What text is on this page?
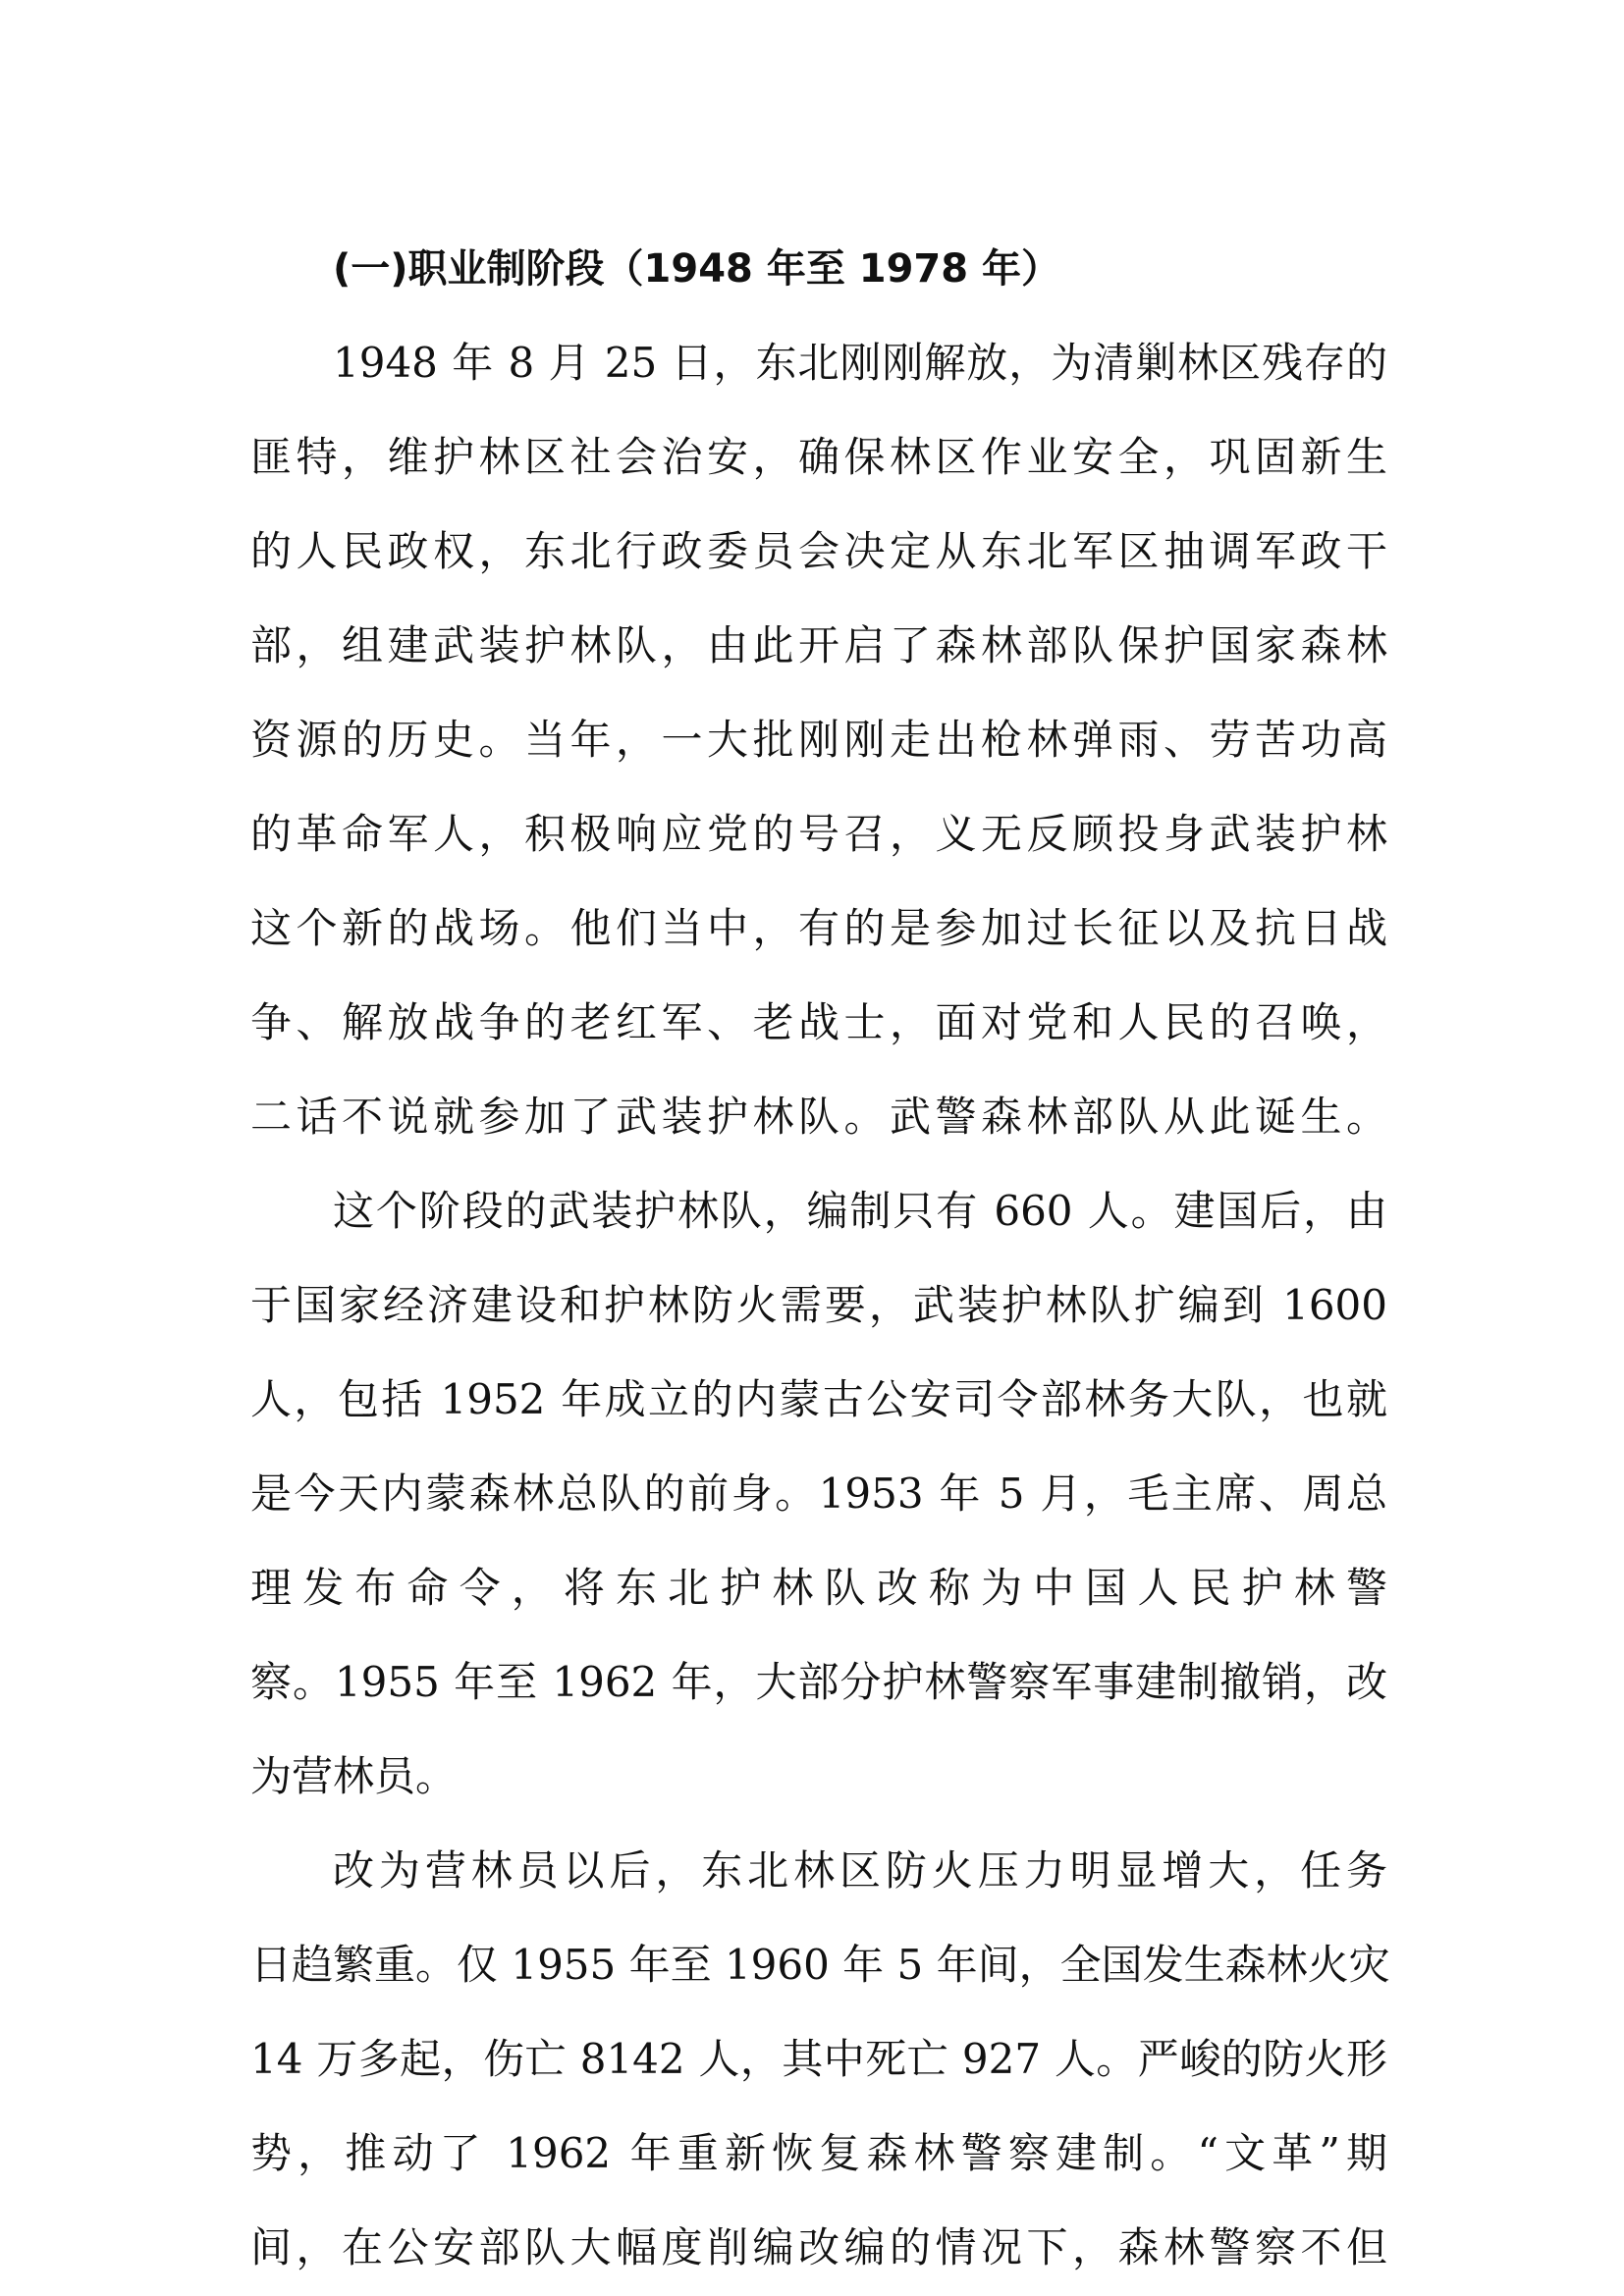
(一)职业制阶段（1948 年至 1978 年）
1948 年 8 月 25 日，东北刚刚解放，为清剿林区残存的
匪特，维护林区社会治安，确保林区作业安全，巩固新生
的人民政权，东北行政委员会决定从东北军区抽调军政干
部，组建武装护林队，由此开启了森林部队保护国家森林
资源的历史。当年，一大批刚刚走出枪林弹雨、劳苦功高
的革命军人，积极响应党的号召，义无反顾投身武装护林
这个新的战场。他们当中，有的是参加过长征以及抗日战
争、解放战争的老红军、老战士，面对党和人民的召唤，
二话不说就参加了武装护林队。武警森林部队从此诞生。
这个阶段的武装护林队，编制只有 660 人。建国后，由
于国家经济建设和护林防火需要，武装护林队扩编到 1600
人，包括 1952 年成立的内蒙古公安司令部林务大队，也就
是今天内蒙森林总队的前身。1953 年 5 月，毛主席、周总
理发布命令，将东北护林队改称为中国人民护林警
察。1955 年至 1962 年，大部分护林警察军事建制撤销，改
为营林员。
改为营林员以后，东北林区防火压力明显增大，任务
日趋繁重。仅 1955 年至 1960 年 5 年间，全国发生森林火灾
14 万多起，伤亡 8142 人，其中死亡 927 人。严峻的防火形
势，推动了 1962 年重新恢复森林警察建制。“文革”期
间，在公安部队大幅度削编改编的情况下，森林警察不但
